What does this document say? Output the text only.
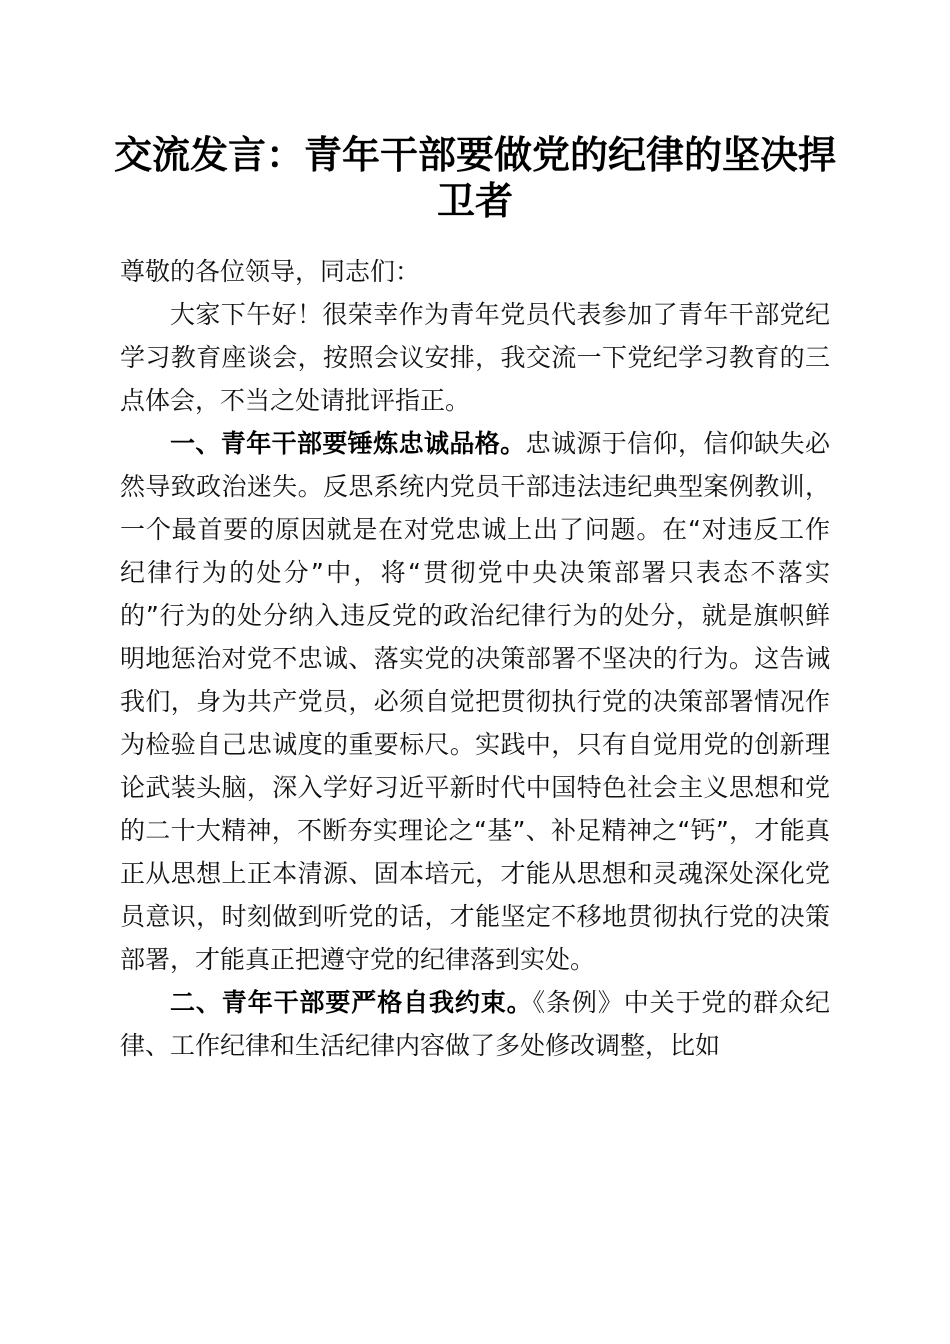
交流发言：青年干部要做党的纪律的坚决捍卫者

尊敬的各位领导，同志们：

大家下午好！很荣幸作为青年党员代表参加了青年干部党纪学习教育座谈会，按照会议安排，我交流一下党纪学习教育的三点体会，不当之处请批评指正。

一、青年干部要锤炼忠诚品格。忠诚源于信仰，信仰缺失必然导致政治迷失。反思系统内党员干部违法违纪典型案例教训，一个最首要的原因就是在对党忠诚上出了问题。在“对违反工作纪律行为的处分”中，将“贯彻党中央决策部署只表态不落实的”行为的处分纳入违反党的政治纪律行为的处分，就是旗帜鲜明地惩治对党不忠诚、落实党的决策部署不坚决的行为。这告诫我们，身为共产党员，必须自觉把贯彻执行党的决策部署情况作为检验自己忠诚度的重要标尺。实践中，只有自觉用党的创新理论武装头脑，深入学好习近平新时代中国特色社会主义思想和党的二十大精神，不断夯实理论之“基”、补足精神之“钙”，才能真正从思想上正本清源、固本培元，才能从思想和灵魂深处深化党员意识，时刻做到听党的话，才能坚定不移地贯彻执行党的决策部署，才能真正把遵守党的纪律落到实处。

二、青年干部要严格自我约束。《条例》中关于党的群众纪律、工作纪律和生活纪律内容做了多处修改调整，比如
